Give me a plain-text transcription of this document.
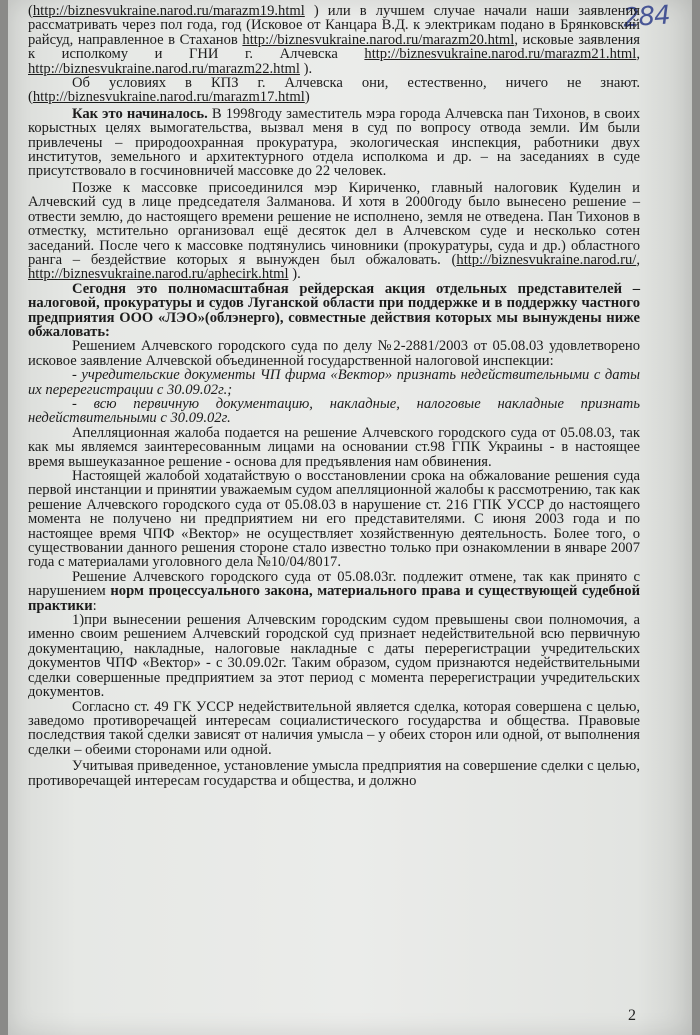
284

(http://biznesvukraine.narod.ru/marazm19.html ) или в лучшем случае начали наши заявления рассматривать через пол года, год (Исковое от Канцара В.Д. к электрикам подано в Брянковский райсуд, направленное в Стаханов http://biznesvukraine.narod.ru/marazm20.html, исковые заявления к исполкому и ГНИ г. Алчевска http://biznesvukraine.narod.ru/marazm21.html, http://biznesvukraine.narod.ru/marazm22.html ).

Об условиях в КПЗ г. Алчевска они, естественно, ничего не знают. (http://biznesvukraine.narod.ru/marazm17.html)

Как это начиналось. В 1998году заместитель мэра города Алчевска пан Тихонов, в своих корыстных целях вымогательства, вызвал меня в суд по вопросу отвода земли. Им были привлечены – природоохранная прокуратура, экологическая инспекция, работники двух институтов, земельного и архитектурного отдела исполкома и др. – на заседаниях в суде присутствовало в госчиновничей массовке до 22 человек.

Позже к массовке присоединился мэр Кириченко, главный налоговик Куделин и Алчевский суд в лице председателя Залманова. И хотя в 2000году было вынесено решение – отвести землю, до настоящего времени решение не исполнено, земля не отведена. Пан Тихонов в отместку, мстительно организовал ещё десяток дел в Алчевском суде и несколько сотен заседаний. После чего к массовке подтянулись чиновники (прокуратуры, суда и др.) областного ранга – бездействие которых я вынужден был обжаловать. (http://biznesvukraine.narod.ru/, http://biznesvukraine.narod.ru/aphecirk.html ).

Сегодня это полномасштабная рейдерская акция отдельных представителей – налоговой, прокуратуры и судов Луганской области при поддержке и в поддержку частного предприятия ООО «ЛЭО»(облэнерго), совместные действия которых мы вынуждены ниже обжаловать:

Решением Алчевского городского суда по делу №2-2881/2003 от 05.08.03 удовлетворено исковое заявление Алчевской объединенной государственной налоговой инспекции:

- учредительские документы ЧП фирма «Вектор» признать недействительными с даты их перерегистрации с 30.09.02г.;

- всю первичную документацию, накладные, налоговые накладные признать недействительными с 30.09.02г.

Апелляционная жалоба подается на решение Алчевского городского суда от 05.08.03, так как мы являемся заинтересованным лицами на основании ст.98 ГПК Украины - в настоящее время вышеуказанное решение - основа для предъявления нам обвинения.

Настоящей жалобой ходатайствую о восстановлении срока на обжалование решения суда первой инстанции и принятии уважаемым судом апелляционной жалобы к рассмотрению, так как решение Алчевского городского суда от 05.08.03 в нарушение ст. 216 ГПК УССР до настоящего момента не получено ни предприятием ни его представителями. С июня 2003 года и по настоящее время ЧПФ «Вектор» не осуществляет хозяйственную деятельность. Более того, о существовании данного решения стороне стало известно только при ознакомлении в январе 2007 года с материалами уголовного дела №10/04/8017.

Решение Алчевского городского суда от 05.08.03г. подлежит отмене, так как принято с нарушением норм процессуального закона, материального права и существующей судебной практики:

1)при вынесении решения Алчевским городским судом превышены свои полномочия, а именно своим решением Алчевский городской суд признает недействительной всю первичную документацию, накладные, налоговые накладные с даты перерегистрации учредительских документов ЧПФ «Вектор» - с 30.09.02г. Таким образом, судом признаются недействительными сделки совершенные предприятием за этот период с момента перерегистрации учредительских документов.

Согласно ст. 49 ГК УССР недействительной является сделка, которая совершена с целью, заведомо противоречащей интересам социалистического государства и общества. Правовые последствия такой сделки зависят от наличия умысла – у обеих сторон или одной, от выполнения сделки – обеими сторонами или одной.

Учитывая приведенное, установление умысла предприятия на совершение сделки с целью, противоречащей интересам государства и общества, и должно

2
